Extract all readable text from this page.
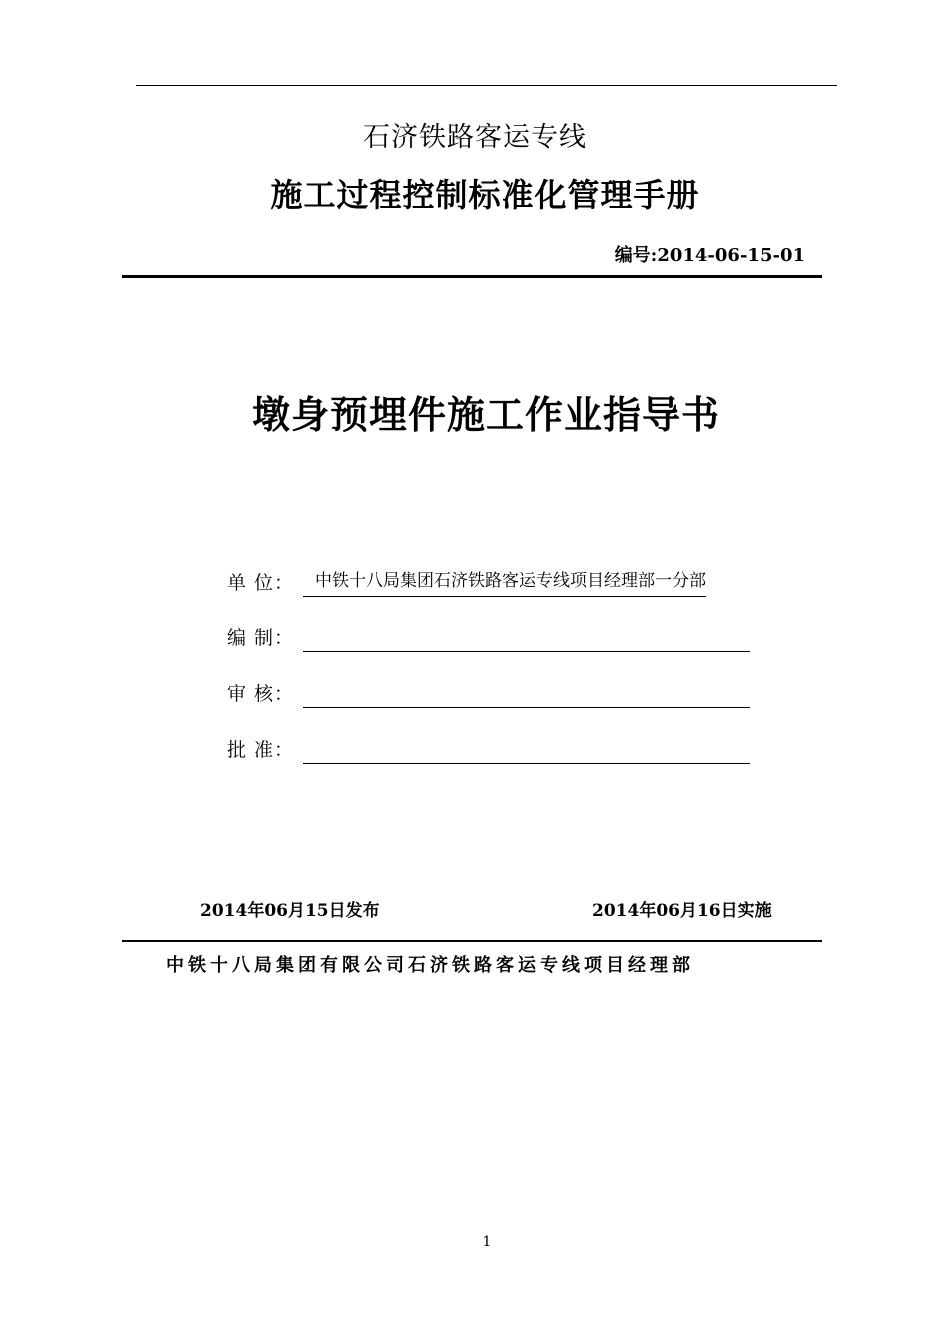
石济铁路客运专线
施工过程控制标准化管理手册
编号:2014-06-15-01
墩身预埋件施工作业指导书
单 位： 中铁十八局集团石济铁路客运专线项目经理部一分部
编 制：
审 核：
批 准：
2014年06月15日发布	2014年06月16日实施
中铁十八局集团有限公司石济铁路客运专线项目经理部
1
